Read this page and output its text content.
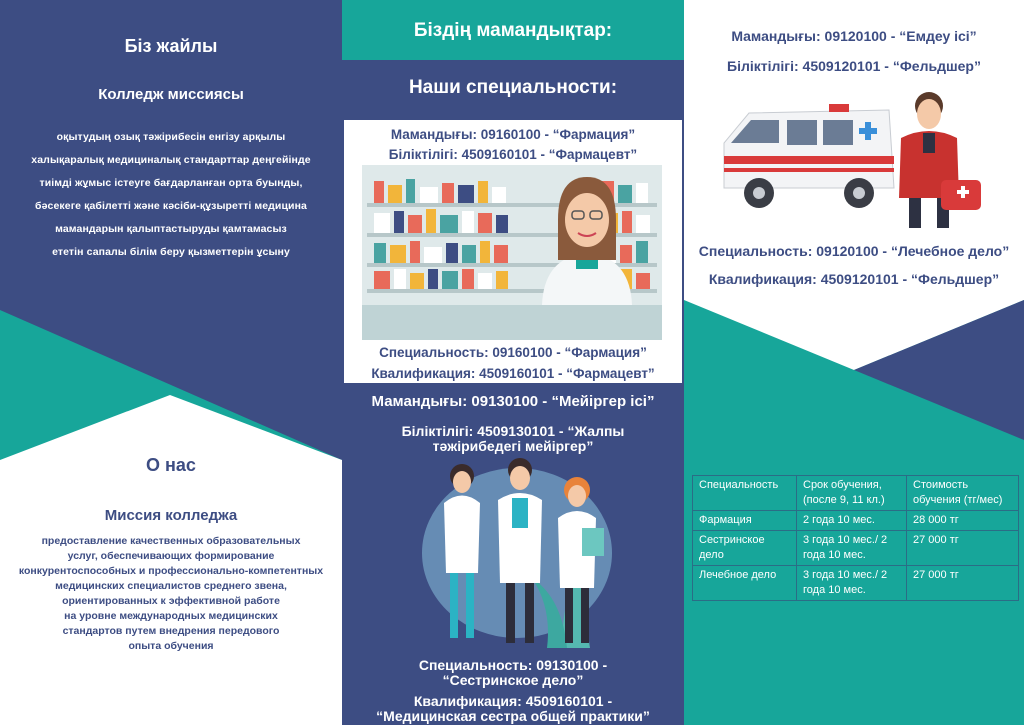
Біз жайлы
Колледж миссиясы
оқытудың озық тәжірибесін енгізу арқылы
халықаралық медициналық стандарттар деңгейінде
тиімді жұмыс істеуге бағдарланған орта буынды,
бәсекеге қабілетті және кәсіби-құзыретті медицина
мамандарын қалыптастыруды қамтамасыз
ететін сапалы білім беру қызметтерін ұсыну
О нас
Миссия колледжа
предоставление качественных образовательных
услуг, обеспечивающих формирование
конкурентоспособных и профессионально-компетентных
медицинских специалистов среднего звена,
ориентированных к эффективной работе
на уровне международных медицинских
стандартов путем внедрения передового
опыта обучения
Біздің мамандықтар:
Наши специальности:
Мамандығы: 09160100 - “Фармация”
Біліктілігі: 4509160101 - “Фармацевт”
Специальность: 09160100 - “Фармация”
Квалификация: 4509160101 - “Фармацевт”
Мамандығы: 09130100 - “Мейіргер ісі”
Біліктілігі: 4509130101 - “Жалпы
тәжірибедегі мейіргер”
Специальность: 09130100 -
“Сестринское дело”
Квалификация: 4509160101 -
“Медицинская сестра общей практики”
Мамандығы: 09120100 - “Емдеу ісі”
Біліктілігі: 4509120101 - “Фельдшер”
Специальность: 09120100 - “Лечебное дело”
Квалификация: 4509120101 - “Фельдшер”
Специальность	Срок обучения, (после 9, 11 кл.)	Стоимость обучения (тг/мес)
Фармация	2 года 10 мес.	28 000 тг
Сестринское дело	3 года 10 мес./ 2 года 10 мес.	27 000 тг
Лечебное дело	3 года 10 мес./ 2 года 10 мес.	27 000 тг
